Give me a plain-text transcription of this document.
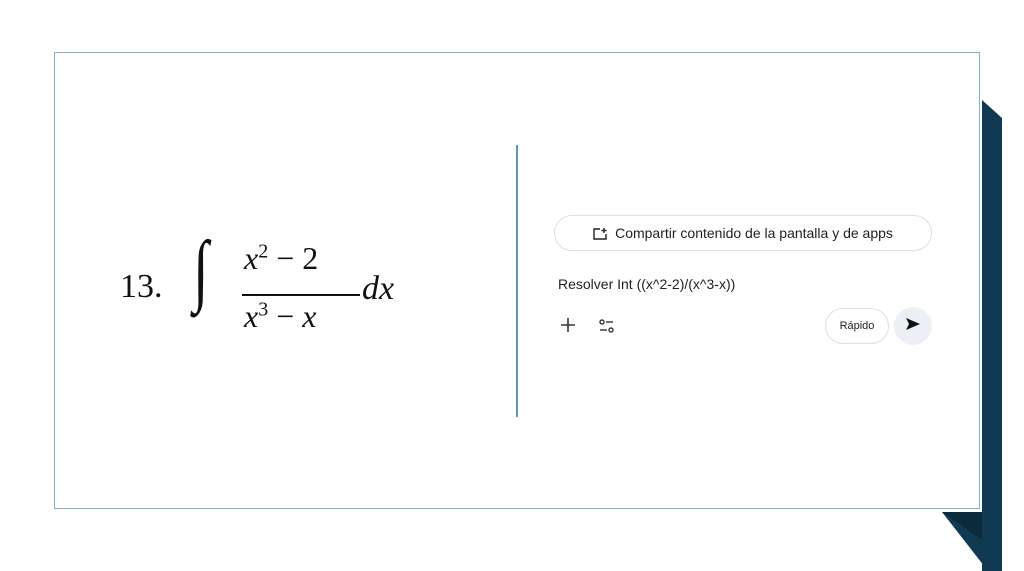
13. ∫ $x^2 - 2$
$x^3 - x$
dx
Compartir contenido de la pantalla y de apps
Resolver Int ((x^2-2)/(x^3-x))
Rápido
